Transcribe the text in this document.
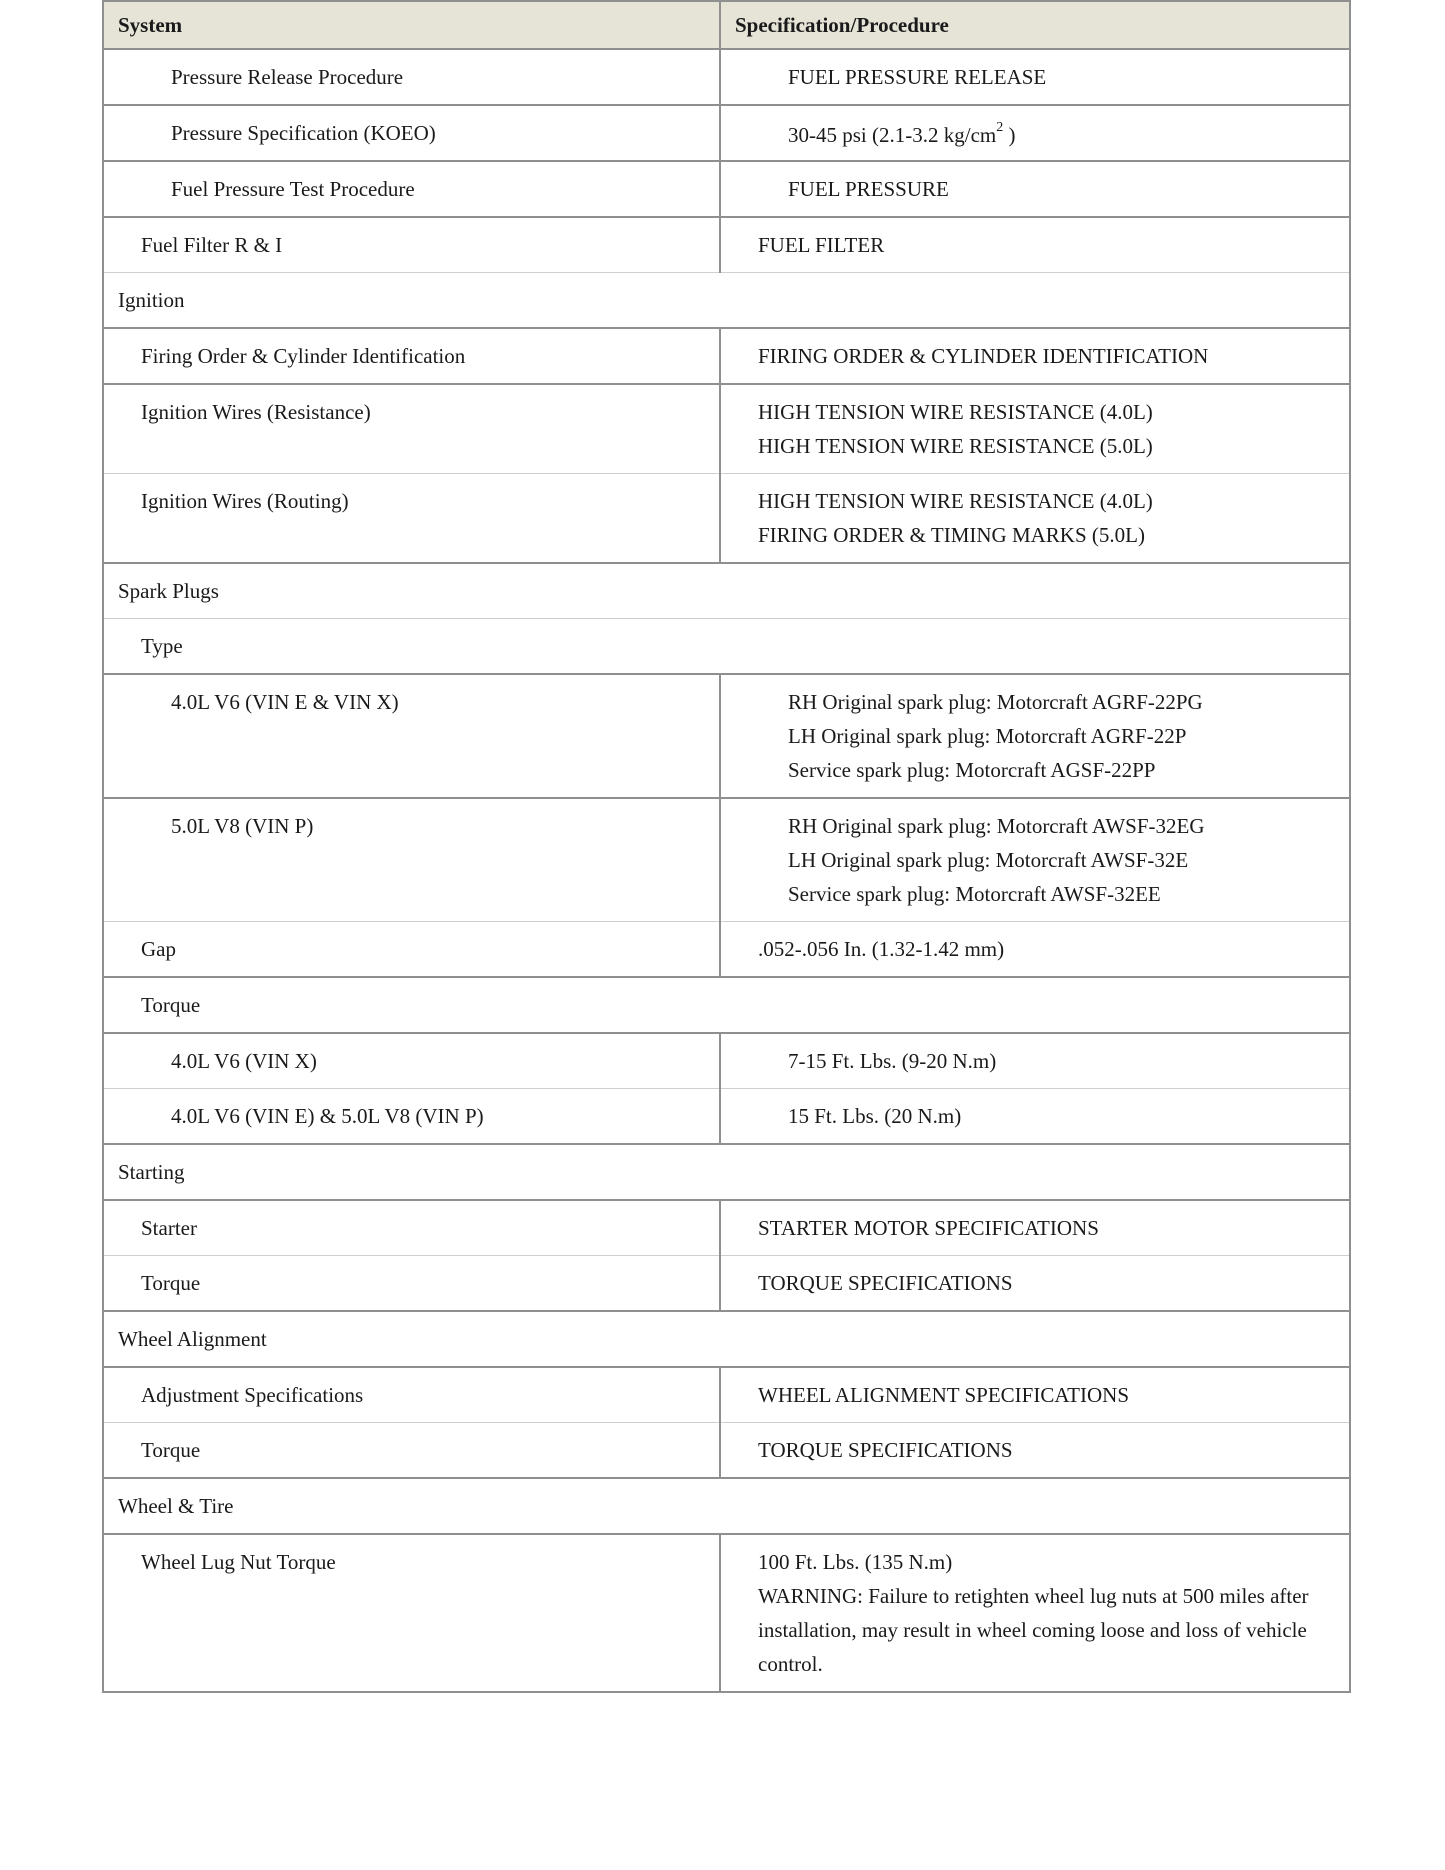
System	Specification/Procedure
Pressure Release Procedure	FUEL PRESSURE RELEASE

Pressure Specification (KOEO)	30-45 psi (2.1-3.2 $kg/cm^2$ )
Fuel Pressure Test Procedure	FUEL PRESSURE

Fuel Filter R & I	FUEL FILTER

Ignition	
Firing Order & Cylinder Identification	FIRING ORDER & CYLINDER IDENTIFICATION

Ignition Wires (Resistance)	HIGH TENSION WIRE RESISTANCE (4.0L)
HIGH TENSION WIRE RESISTANCE (5.0L)

Ignition Wires (Routing)	HIGH TENSION WIRE RESISTANCE (4.0L)
FIRING ORDER & TIMING MARKS (5.0L)

Spark Plugs	
Type	
4.0L V6 (VIN E & VIN X)	RH Original spark plug: Motorcraft AGRF-22PG
LH Original spark plug: Motorcraft AGRF-22P
Service spark plug: Motorcraft AGSF-22PP

5.0L V8 (VIN P)	RH Original spark plug: Motorcraft AWSF-32EG
LH Original spark plug: Motorcraft AWSF-32E
Service spark plug: Motorcraft AWSF-32EE

Gap	.052-.056 In. (1.32-1.42 mm)

Torque	
4.0L V6 (VIN X)	7-15 Ft. Lbs. (9-20 N.m)

4.0L V6 (VIN E) & 5.0L V8 (VIN P)	15 Ft. Lbs. (20 N.m)

Starting	
Starter	STARTER MOTOR SPECIFICATIONS

Torque	TORQUE SPECIFICATIONS

Wheel Alignment	
Adjustment Specifications	WHEEL ALIGNMENT SPECIFICATIONS

Torque	TORQUE SPECIFICATIONS

Wheel & Tire	
Wheel Lug Nut Torque	100 Ft. Lbs. (135 N.m)
WARNING: Failure to retighten wheel lug nuts at 500 miles after installation, may result in wheel coming loose and loss of vehicle control.
